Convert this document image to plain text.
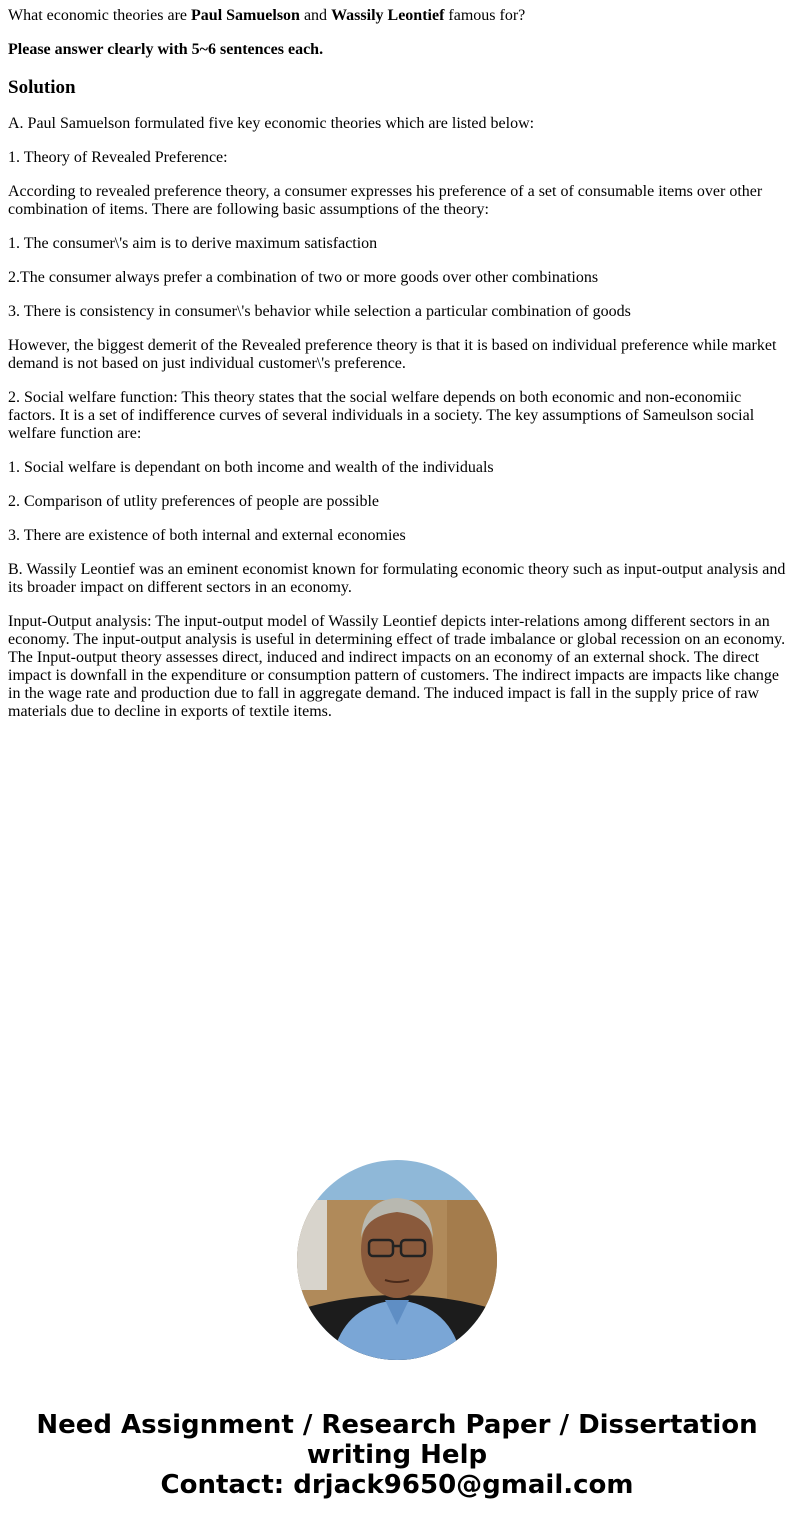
What economic theories are Paul Samuelson and Wassily Leontief famous for?

Please answer clearly with 5~6 sentences each.

Solution

A. Paul Samuelson formulated five key economic theories which are listed below:

1. Theory of Revealed Preference:

According to revealed preference theory, a consumer expresses his preference of a set of consumable items over other combination of items. There are following basic assumptions of the theory:

1. The consumer\'s aim is to derive maximum satisfaction

2.The consumer always prefer a combination of two or more goods over other combinations

3. There is consistency in consumer\'s behavior while selection a particular combination of goods

However, the biggest demerit of the Revealed preference theory is that it is based on individual preference while market demand is not based on just individual customer\'s preference.

2. Social welfare function: This theory states that the social welfare depends on both economic and non-economiic factors. It is a set of indifference curves of several individuals in a society. The key assumptions of Sameulson social welfare function are:

1. Social welfare is dependant on both income and wealth of the individuals

2. Comparison of utlity preferences of people are possible

3. There are existence of both internal and external economies

B. Wassily Leontief was an eminent economist known for formulating economic theory such as input-output analysis and its broader impact on different sectors in an economy.

Input-Output analysis: The input-output model of Wassily Leontief depicts inter-relations among different sectors in an economy. The input-output analysis is useful in determining effect of trade imbalance or global recession on an economy. The Input-output theory assesses direct, induced and indirect impacts on an economy of an external shock. The direct impact is downfall in the expenditure or consumption pattern of customers. The indirect impacts are impacts like change in the wage rate and production due to fall in aggregate demand. The induced impact is fall in the supply price of raw materials due to decline in exports of textile items.

Need Assignment / Research Paper / Dissertation
writing Help
Contact: drjack9650@gmail.com
